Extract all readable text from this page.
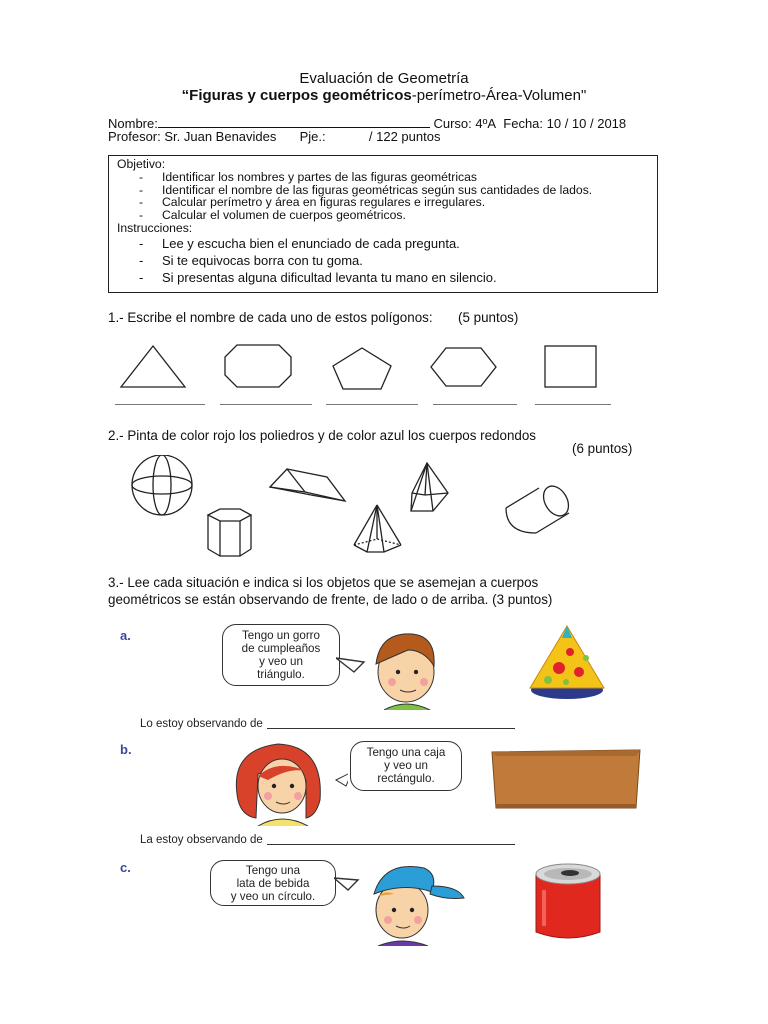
Evaluación de Geometría
“Figuras y cuerpos geométricos-perímetro-Área-Volumen"
Nombre:	Curso: 4ºA Fecha: 10 / 10 / 2018
Profesor: Sr. Juan Benavides Pje.:	/ 122 puntos
Objetivo:
- Identificar los nombres y partes de las figuras geométricas
- Identificar el nombre de las figuras geométricas según sus cantidades de lados.
- Calcular perímetro y área en figuras regulares e irregulares.
- Calcular el volumen de cuerpos geométricos.
Instrucciones:
- Lee y escucha bien el enunciado de cada pregunta.
- Si te equivocas borra con tu goma.
- Si presentas alguna dificultad levanta tu mano en silencio.
1.- Escribe el nombre de cada uno de estos polígonos: (5 puntos)
2.- Pinta de color rojo los poliedros y de color azul los cuerpos redondos
(6 puntos)
3.- Lee cada situación e indica si los objetos que se asemejan a cuerpos
geométricos se están observando de frente, de lado o de arriba. (3 puntos)
a.	Tengo un gorro
de cumpleaños
y veo un
triángulo.
Lo estoy observando de
b.	Tengo una caja
y veo un
rectángulo.
La estoy observando de
c.	Tengo una
lata de bebida
y veo un círculo.
